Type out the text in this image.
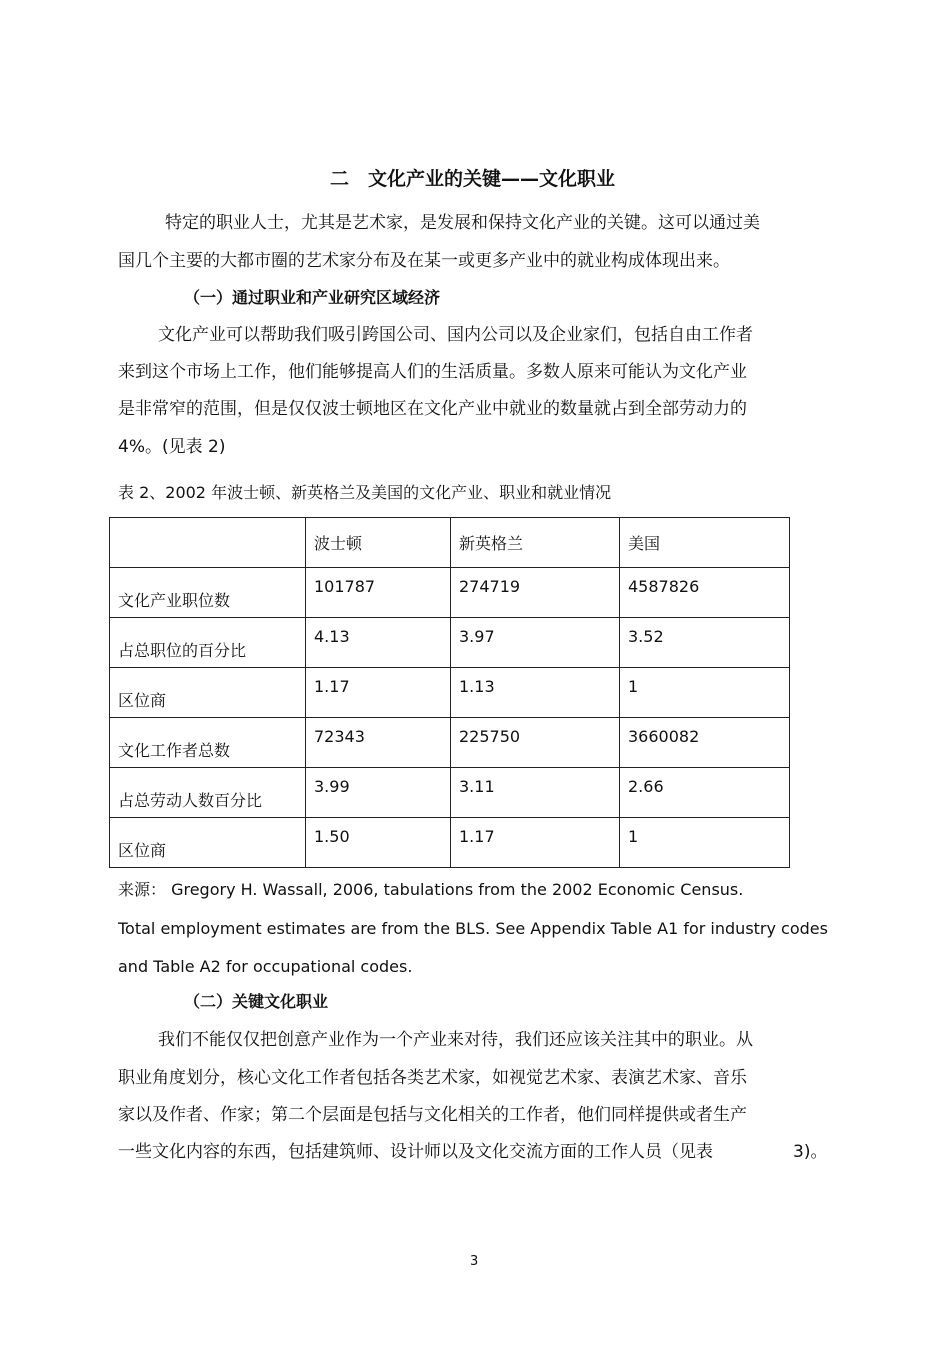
二　文化产业的关键——文化职业

特定的职业人士，尤其是艺术家，是发展和保持文化产业的关键。这可以通过美

国几个主要的大都市圈的艺术家分布及在某一或更多产业中的就业构成体现出来。

（一）通过职业和产业研究区域经济

文化产业可以帮助我们吸引跨国公司、国内公司以及企业家们，包括自由工作者

来到这个市场上工作，他们能够提高人们的生活质量。多数人原来可能认为文化产业

是非常窄的范围，但是仅仅波士顿地区在文化产业中就业的数量就占到全部劳动力的

4%。(见表 2)

表 2、2002 年波士顿、新英格兰及美国的文化产业、职业和就业情况

	波士顿	新英格兰	美国
文化产业职位数	101787	274719	4587826
占总职位的百分比	4.13	3.97	3.52
区位商	1.17	1.13	1
文化工作者总数	72343	225750	3660082
占总劳动人数百分比	3.99	3.11	2.66
区位商	1.50	1.17	1

来源： Gregory H. Wassall, 2006, tabulations from the 2002 Economic Census.

Total employment estimates are from the BLS. See Appendix Table A1 for industry codes

and Table A2 for occupational codes.

（二）关键文化职业

我们不能仅仅把创意产业作为一个产业来对待，我们还应该关注其中的职业。从

职业角度划分，核心文化工作者包括各类艺术家，如视觉艺术家、表演艺术家、音乐

家以及作者、作家；第二个层面是包括与文化相关的工作者，他们同样提供或者生产

一些文化内容的东西，包括建筑师、设计师以及文化交流方面的工作人员（见表	3)。

3
